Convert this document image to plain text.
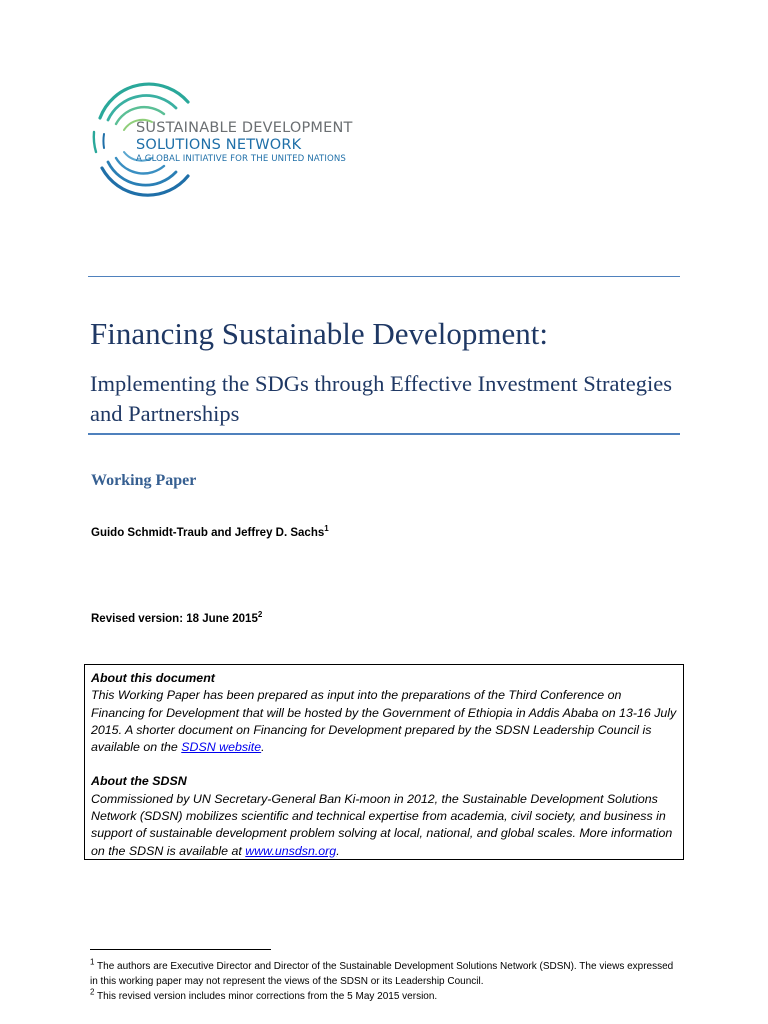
SUSTAINABLE DEVELOPMENT
SOLUTIONS NETWORK
A GLOBAL INITIATIVE FOR THE UNITED NATIONS
Financing Sustainable Development:
Implementing the SDGs through Effective Investment Strategies and Partnerships
Working Paper
Guido Schmidt-Traub and Jeffrey D. Sachs$^1$
Revised version: 18 June 2015$^2$
About this document

This Working Paper has been prepared as input into the preparations of the Third Conference on Financing for Development that will be hosted by the Government of Ethiopia in Addis Ababa on 13-16 July 2015. A shorter document on Financing for Development prepared by the SDSN Leadership Council is available on the SDSN website.

About the SDSN

Commissioned by UN Secretary-General Ban Ki-moon in 2012, the Sustainable Development Solutions Network (SDSN) mobilizes scientific and technical expertise from academia, civil society, and business in support of sustainable development problem solving at local, national, and global scales. More information on the SDSN is available at www.unsdsn.org.

$^1$ The authors are Executive Director and Director of the Sustainable Development Solutions Network (SDSN). The views expressed in this working paper may not represent the views of the SDSN or its Leadership Council.

$^2$ This revised version includes minor corrections from the 5 May 2015 version.
